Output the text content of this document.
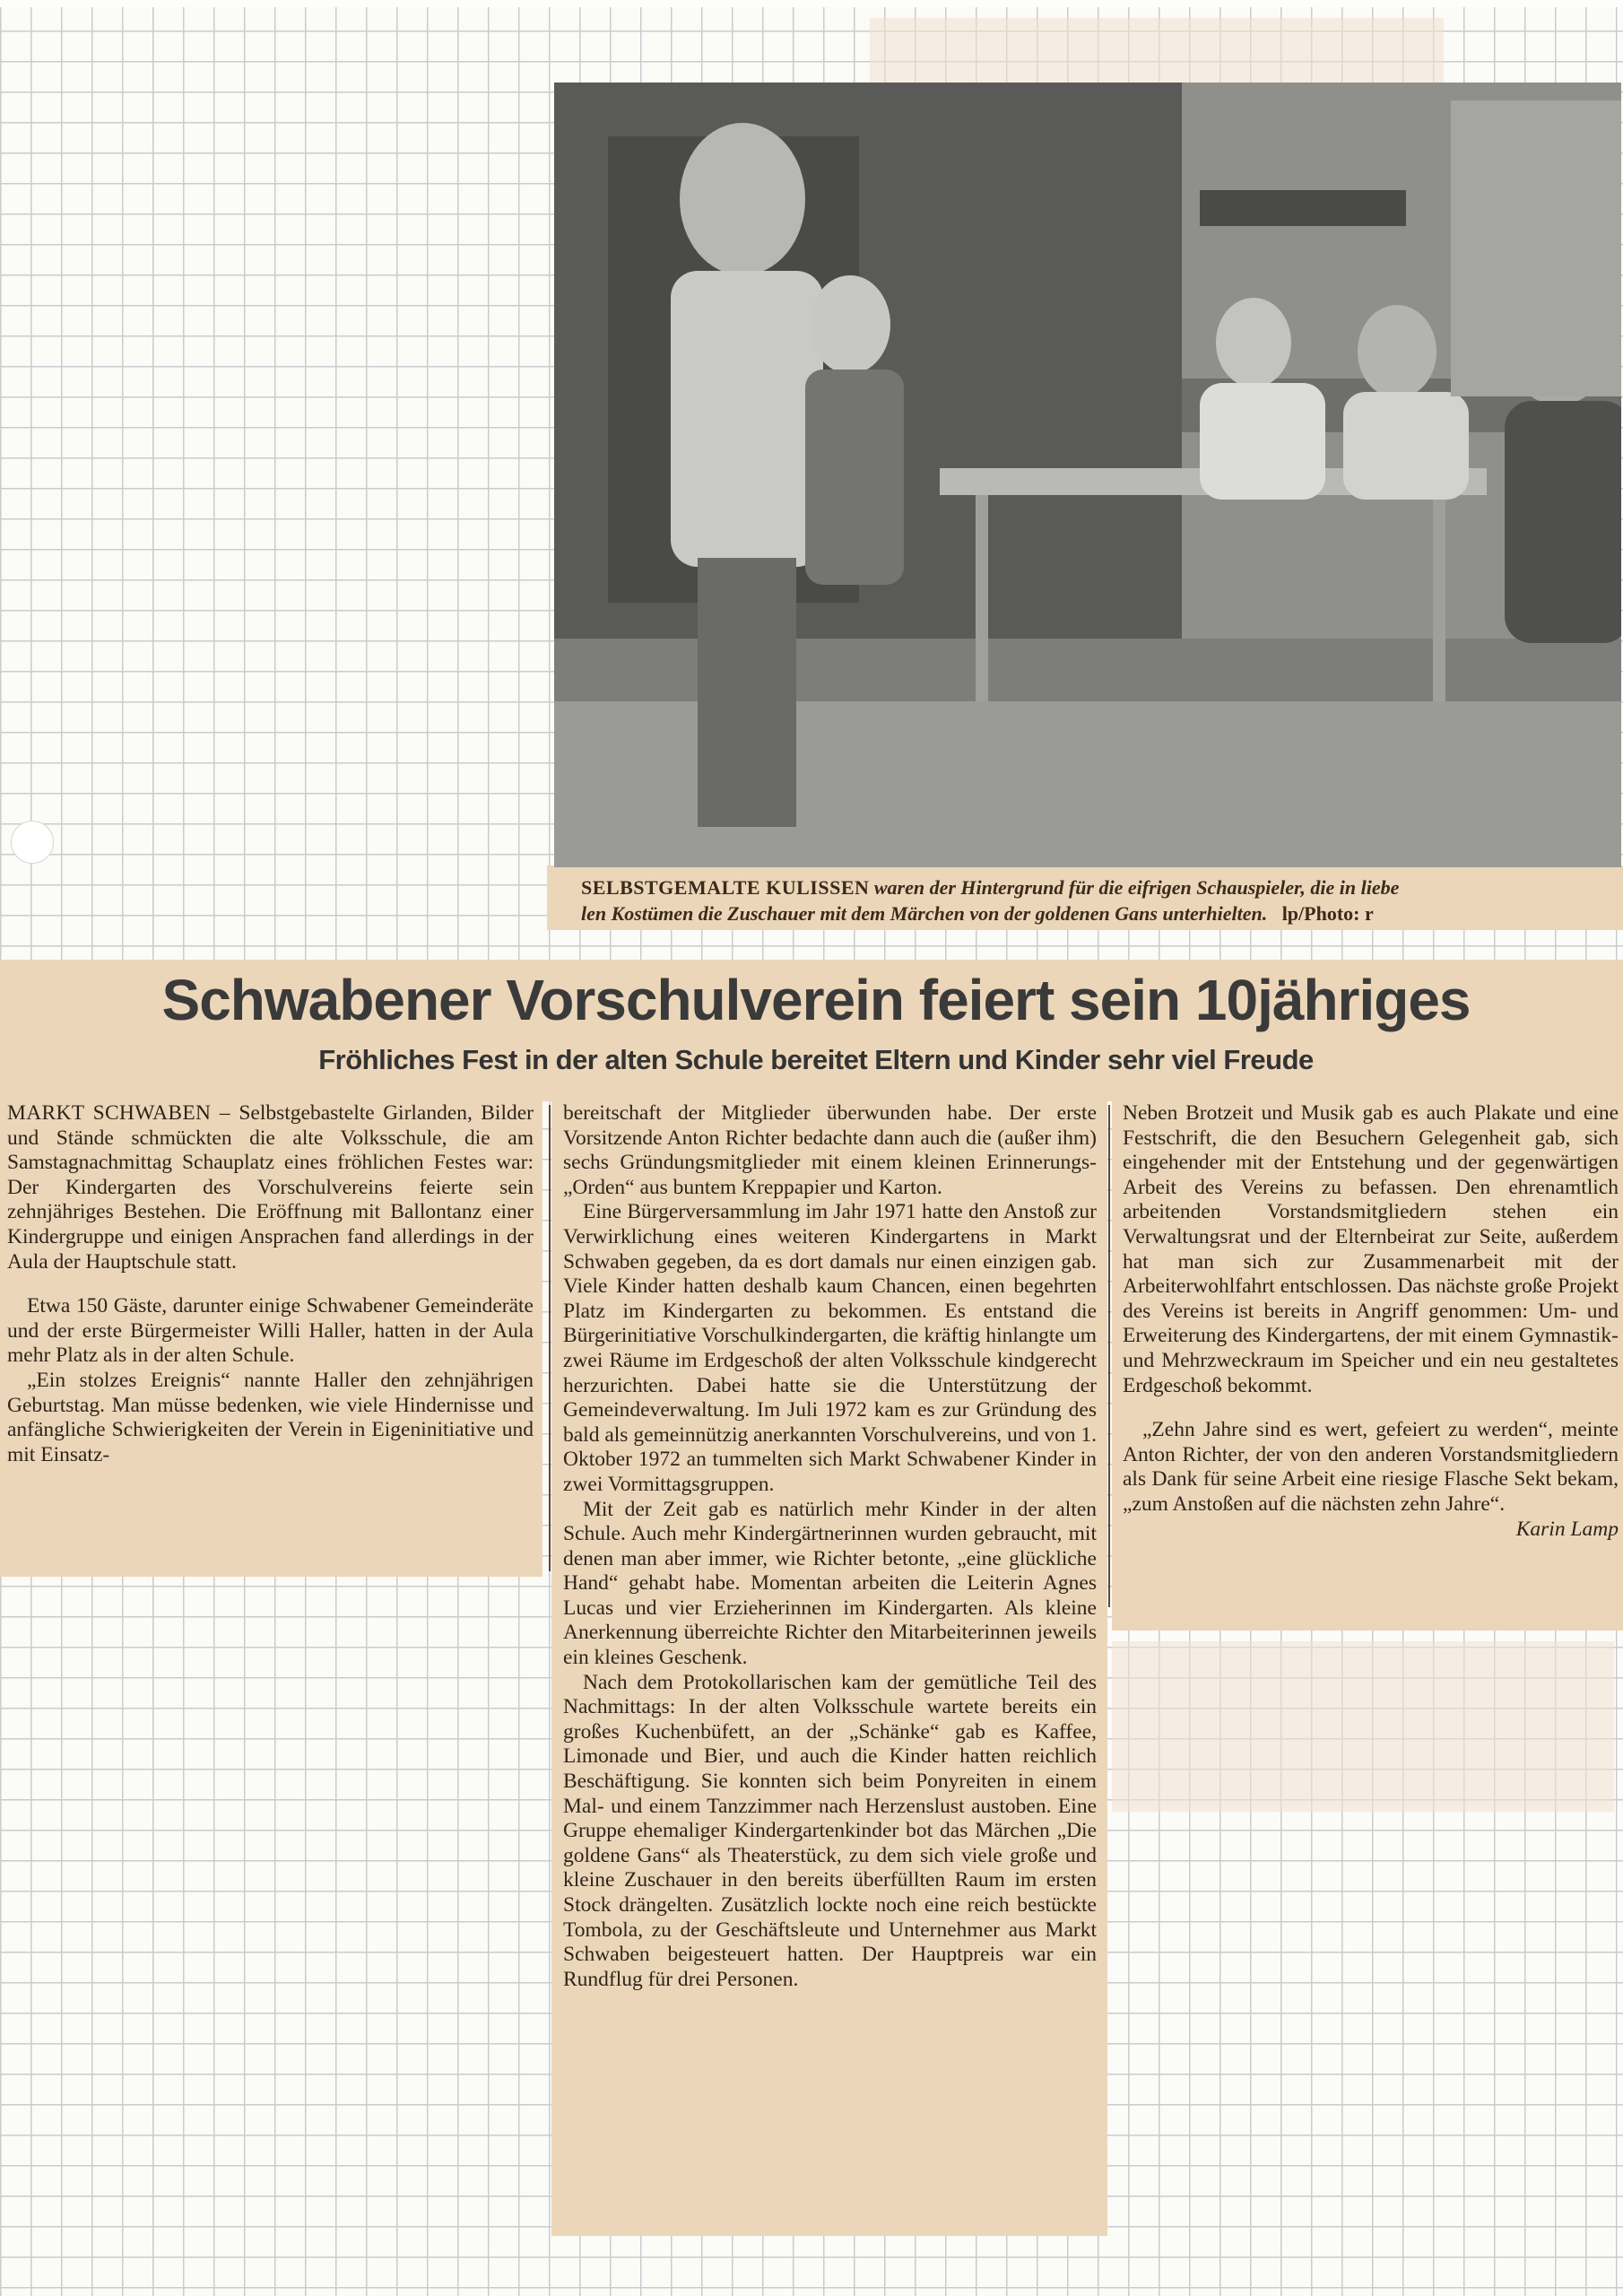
SELBSTGEMALTE KULISSEN waren der Hintergrund für die eifrigen Schauspieler, die in liebe
len Kostümen die Zuschauer mit dem Märchen von der goldenen Gans unterhielten. lp/Photo: r
Schwabener Vorschulverein feiert sein 10jähriges
Fröhliches Fest in der alten Schule bereitet Eltern und Kinder sehr viel Freude

MARKT SCHWABEN – Selbstgebastelte Girlanden, Bilder und Stände schmückten die alte Volksschule, die am Samstagnachmittag Schauplatz eines fröhlichen Festes war: Der Kindergarten des Vorschulvereins feierte sein zehnjähriges Bestehen. Die Eröffnung mit Ballontanz einer Kindergruppe und einigen Ansprachen fand allerdings in der Aula der Hauptschule statt.

Etwa 150 Gäste, darunter einige Schwabener Gemeinderäte und der erste Bürgermeister Willi Haller, hatten in der Aula mehr Platz als in der alten Schule.

„Ein stolzes Ereignis“ nannte Haller den zehnjährigen Geburtstag. Man müsse bedenken, wie viele Hindernisse und anfängliche Schwierigkeiten der Verein in Eigeninitiative und mit Einsatz-

bereitschaft der Mitglieder überwunden habe. Der erste Vorsitzende Anton Richter bedachte dann auch die (außer ihm) sechs Gründungsmitglieder mit einem kleinen Erinnerungs-„Orden“ aus buntem Kreppapier und Karton.

Eine Bürgerversammlung im Jahr 1971 hatte den Anstoß zur Verwirklichung eines weiteren Kindergartens in Markt Schwaben gegeben, da es dort damals nur einen einzigen gab. Viele Kinder hatten deshalb kaum Chancen, einen begehrten Platz im Kindergarten zu bekommen. Es entstand die Bürgerinitiative Vorschulkindergarten, die kräftig hinlangte um zwei Räume im Erdgeschoß der alten Volksschule kindgerecht herzurichten. Dabei hatte sie die Unterstützung der Gemeindeverwaltung. Im Juli 1972 kam es zur Gründung des bald als gemeinnützig anerkannten Vorschulvereins, und von 1. Oktober 1972 an tummelten sich Markt Schwabener Kinder in zwei Vormittagsgruppen.

Mit der Zeit gab es natürlich mehr Kinder in der alten Schule. Auch mehr Kindergärtnerinnen wurden gebraucht, mit denen man aber immer, wie Richter betonte, „eine glückliche Hand“ gehabt habe. Momentan arbeiten die Leiterin Agnes Lucas und vier Erzieherinnen im Kindergarten. Als kleine Anerkennung überreichte Richter den Mitarbeiterinnen jeweils ein kleines Geschenk.

Nach dem Protokollarischen kam der gemütliche Teil des Nachmittags: In der alten Volksschule wartete bereits ein großes Kuchenbüfett, an der „Schänke“ gab es Kaffee, Limonade und Bier, und auch die Kinder hatten reichlich Beschäftigung. Sie konnten sich beim Ponyreiten in einem Mal- und einem Tanzzimmer nach Herzenslust austoben. Eine Gruppe ehemaliger Kindergartenkinder bot das Märchen „Die goldene Gans“ als Theaterstück, zu dem sich viele große und kleine Zuschauer in den bereits überfüllten Raum im ersten Stock drängelten. Zusätzlich lockte noch eine reich bestückte Tombola, zu der Geschäftsleute und Unternehmer aus Markt Schwaben beigesteuert hatten. Der Hauptpreis war ein Rundflug für drei Personen.

Neben Brotzeit und Musik gab es auch Plakate und eine Festschrift, die den Besuchern Gelegenheit gab, sich eingehender mit der Entstehung und der gegenwärtigen Arbeit des Vereins zu befassen. Den ehrenamtlich arbeitenden Vorstandsmitgliedern stehen ein Verwaltungsrat und der Elternbeirat zur Seite, außerdem hat man sich zur Zusammenarbeit mit der Arbeiterwohlfahrt entschlossen. Das nächste große Projekt des Vereins ist bereits in Angriff genommen: Um- und Erweiterung des Kindergartens, der mit einem Gymnastik- und Mehrzweckraum im Speicher und ein neu gestaltetes Erdgeschoß bekommt.

„Zehn Jahre sind es wert, gefeiert zu werden“, meinte Anton Richter, der von den anderen Vorstandsmitgliedern als Dank für seine Arbeit eine riesige Flasche Sekt bekam, „zum Anstoßen auf die nächsten zehn Jahre“.
Karin Lamp
